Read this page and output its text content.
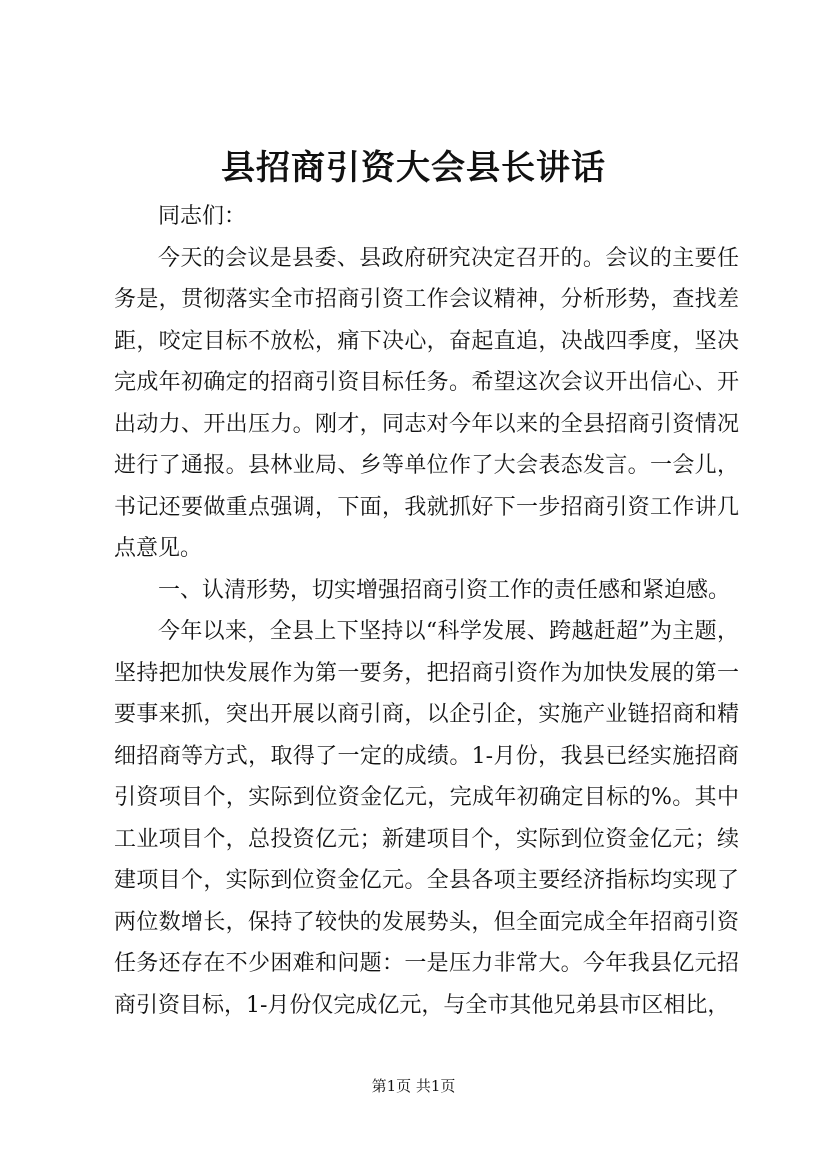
县招商引资大会县长讲话

同志们：

今天的会议是县委、县政府研究决定召开的。会议的主要任务是，贯彻落实全市招商引资工作会议精神，分析形势，查找差距，咬定目标不放松，痛下决心，奋起直追，决战四季度，坚决完成年初确定的招商引资目标任务。希望这次会议开出信心、开出动力、开出压力。刚才，同志对今年以来的全县招商引资情况进行了通报。县林业局、乡等单位作了大会表态发言。一会儿，书记还要做重点强调，下面，我就抓好下一步招商引资工作讲几点意见。

一、认清形势，切实增强招商引资工作的责任感和紧迫感。

今年以来，全县上下坚持以“科学发展、跨越赶超”为主题，坚持把加快发展作为第一要务，把招商引资作为加快发展的第一要事来抓，突出开展以商引商，以企引企，实施产业链招商和精细招商等方式，取得了一定的成绩。1-月份，我县已经实施招商引资项目个，实际到位资金亿元，完成年初确定目标的%。其中工业项目个，总投资亿元；新建项目个，实际到位资金亿元；续建项目个，实际到位资金亿元。全县各项主要经济指标均实现了两位数增长，保持了较快的发展势头，但全面完成全年招商引资任务还存在不少困难和问题：一是压力非常大。今年我县亿元招商引资目标，1-月份仅完成亿元，与全市其他兄弟县市区相比，

第1页 共1页
